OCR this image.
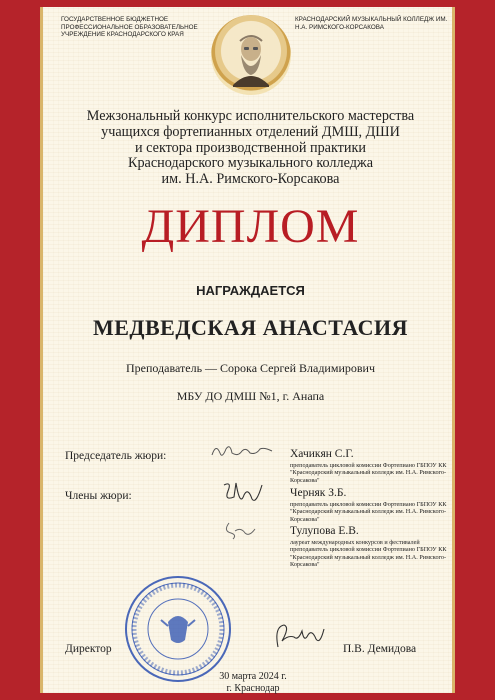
ГОСУДАРСТВЕННОЕ БЮДЖЕТНОЕ ПРОФЕССИОНАЛЬНОЕ ОБРАЗОВАТЕЛЬНОЕ УЧРЕЖДЕНИЕ КРАСНОДАРСКОГО КРАЯ
КРАСНОДАРСКИЙ МУЗЫКАЛЬНЫЙ КОЛЛЕДЖ ИМ. Н.А. РИМСКОГО-КОРСАКОВА
Межзональный конкурс исполнительского мастерства
учащихся фортепианных отделений ДМШ, ДШИ
и сектора производственной практики
Краснодарского музыкального колледжа
им. Н.А. Римского-Корсакова
ДИПЛОМ
НАГРАЖДАЕТСЯ
МЕДВЕДСКАЯ АНАСТАСИЯ
Преподаватель — Сорока Сергей Владимирович
МБУ ДО ДМШ №1, г. Анапа
Председатель жюри:
Члены жюри:
Хачикян С.Г.
преподаватель цикловой комиссии Фортепиано ГБПОУ КК "Краснодарский музыкальный колледж им. Н.А. Римского-Корсакова"
Черняк З.Б.
преподаватель цикловой комиссии Фортепиано ГБПОУ КК "Краснодарский музыкальный колледж им. Н.А. Римского-Корсакова"
Тулупова Е.В.
лауреат международных конкурсов и фестивалей преподаватель цикловой комиссии Фортепиано ГБПОУ КК "Краснодарский музыкальный колледж им. Н.А. Римского-Корсакова"
Директор	П.В. Демидова
30 марта 2024 г.
г. Краснодар
